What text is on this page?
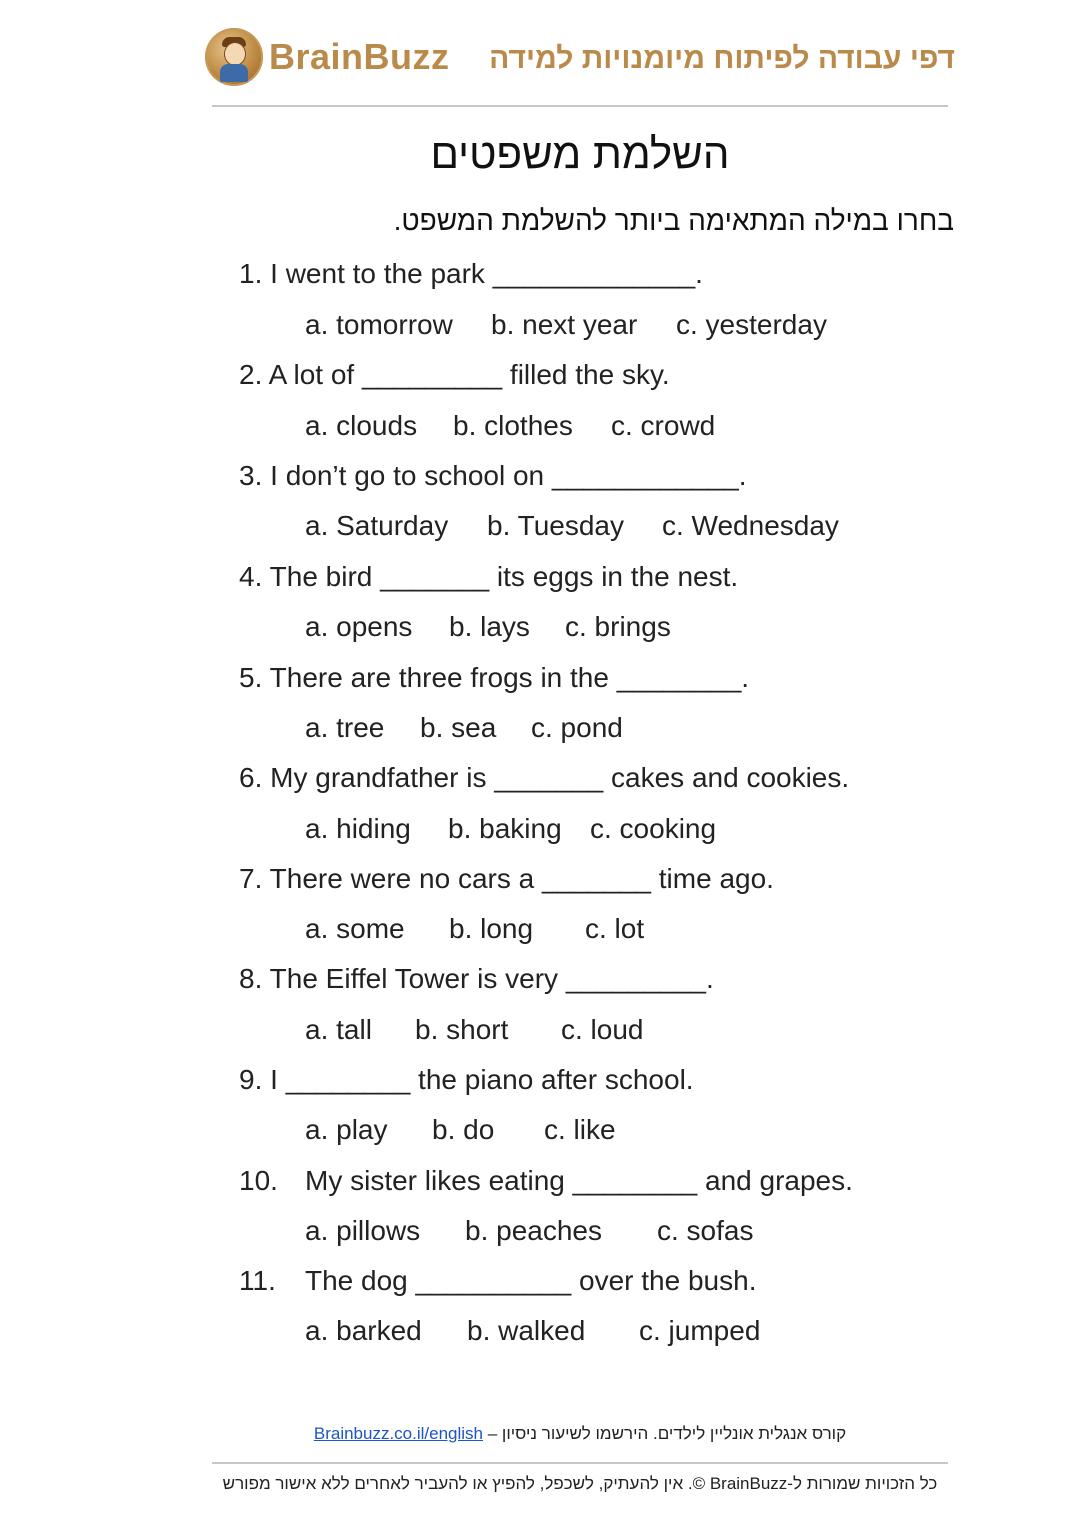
BrainBuzz דפי עבודה לפיתוח מיומנויות למידה
השלמת משפטים
בחרו במילה המתאימה ביותר להשלמת המשפט.
1. I went to the park _____________.
a. tomorrow b. next year c. yesterday
2. A lot of _________ filled the sky.
a. clouds b. clothes c. crowd
3. I don’t go to school on ____________.
a. Saturday b. Tuesday c. Wednesday
4. The bird _______ its eggs in the nest.
a. opens b. lays c. brings
5. There are three frogs in the ________.
a. tree b. sea c. pond
6. My grandfather is _______ cakes and cookies.
a. hiding b. baking c. cooking
7. There were no cars a _______ time ago.
a. some b. long c. lot
8. The Eiffel Tower is very _________.
a. tall b. short c. loud
9. I ________ the piano after school.
a. play b. do c. like
10. My sister likes eating ________ and grapes.
a. pillows b. peaches c. sofas
11. The dog __________ over the bush.
a. barked b. walked c. jumped
קורס אנגלית אונליין לילדים. הירשמו לשיעור ניסיון – Brainbuzz.co.il/english
כל הזכויות שמורות ל-BrainBuzz ©. אין להעתיק, לשכפל, להפיץ או להעביר לאחרים ללא אישור מפורש
